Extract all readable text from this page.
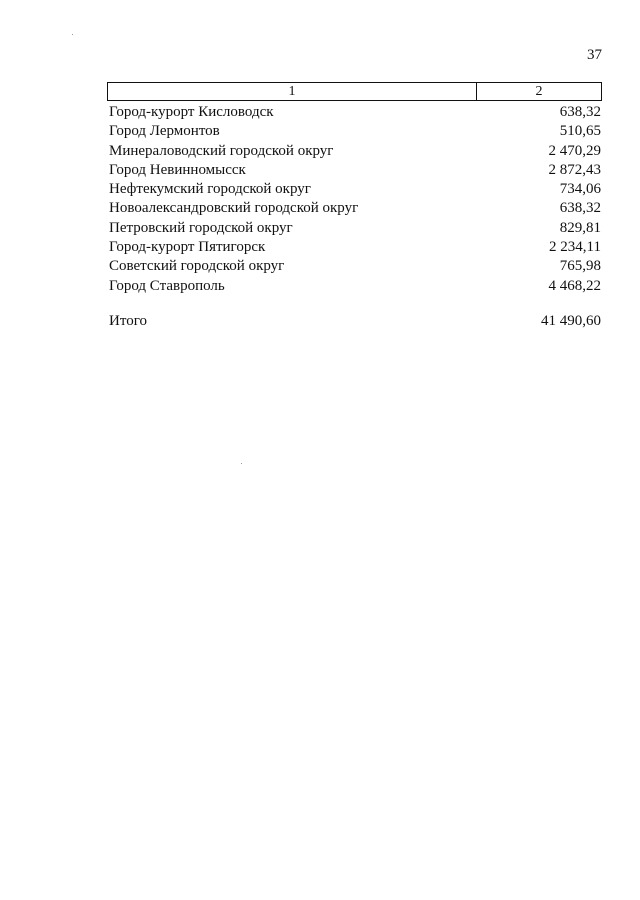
37
1	2
Город-курорт Кисловодск	638,32
Город Лермонтов	510,65
Минераловодский городской округ	2 470,29
Город Невинномысск	2 872,43
Нефтекумский городской округ	734,06
Новоалександровский городской округ	638,32
Петровский городской округ	829,81
Город-курорт Пятигорск	2 234,11
Советский городской округ	765,98
Город Ставрополь	4 468,22
Итого	41 490,60
